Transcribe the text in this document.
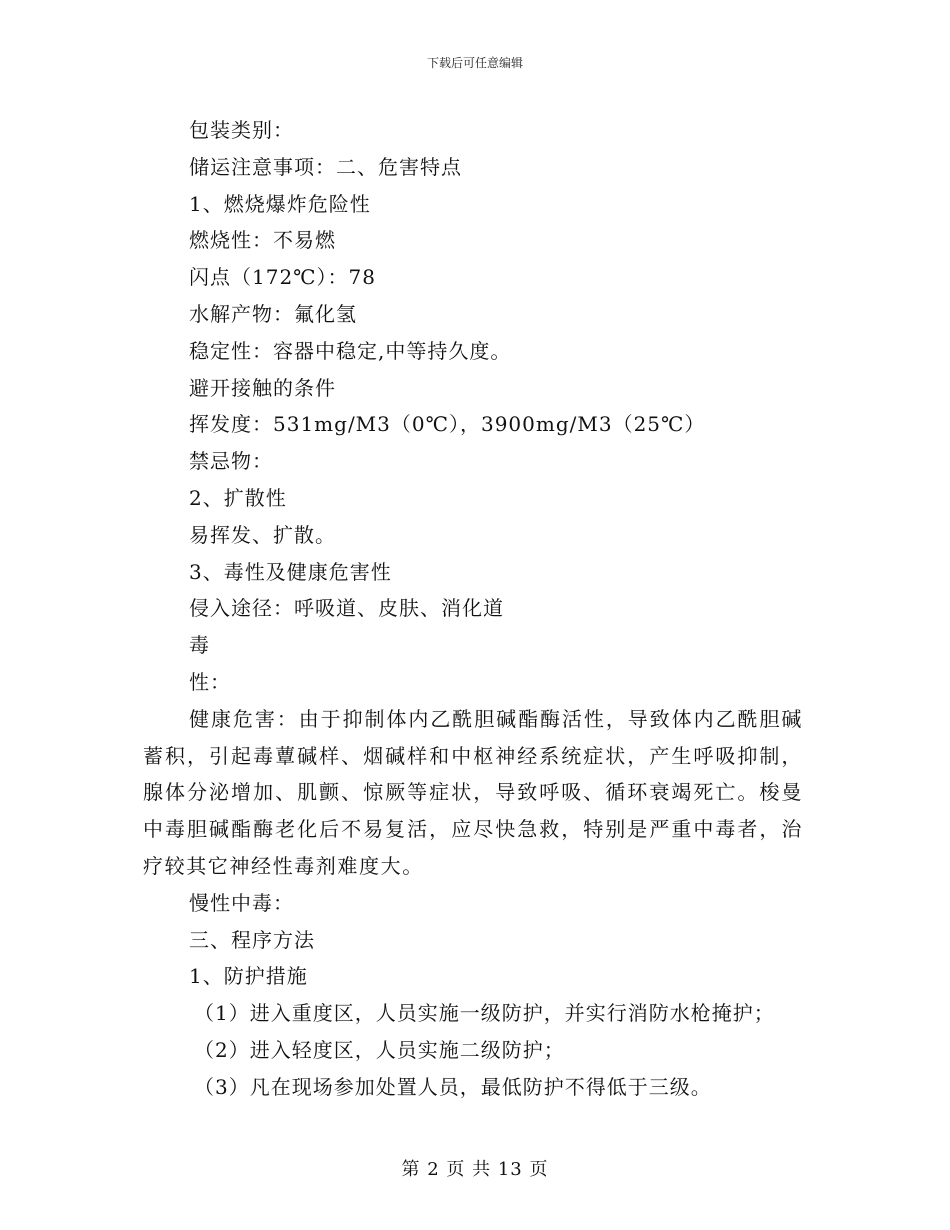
下载后可任意编辑
包装类别：
储运注意事项：二、危害特点
1、燃烧爆炸危险性
燃烧性：不易燃
闪点（172℃）：78
水解产物：氟化氢
稳定性：容器中稳定,中等持久度。
避开接触的条件
挥发度：531mg/M3（0℃），3900mg/M3（25℃）
禁忌物：
2、扩散性
易挥发、扩散。
3、毒性及健康危害性
侵入途径：呼吸道、皮肤、消化道
毒
性：
健康危害：由于抑制体内乙酰胆碱酯酶活性，导致体内乙酰胆碱蓄积，引起毒蕈碱样、烟碱样和中枢神经系统症状，产生呼吸抑制，腺体分泌增加、肌颤、惊厥等症状，导致呼吸、循环衰竭死亡。梭曼中毒胆碱酯酶老化后不易复活，应尽快急救，特别是严重中毒者，治疗较其它神经性毒剂难度大。
慢性中毒：
三、程序方法
1、防护措施
（1）进入重度区，人员实施一级防护，并实行消防水枪掩护；
（2）进入轻度区，人员实施二级防护；
（3）凡在现场参加处置人员，最低防护不得低于三级。
第 2 页 共 13 页
